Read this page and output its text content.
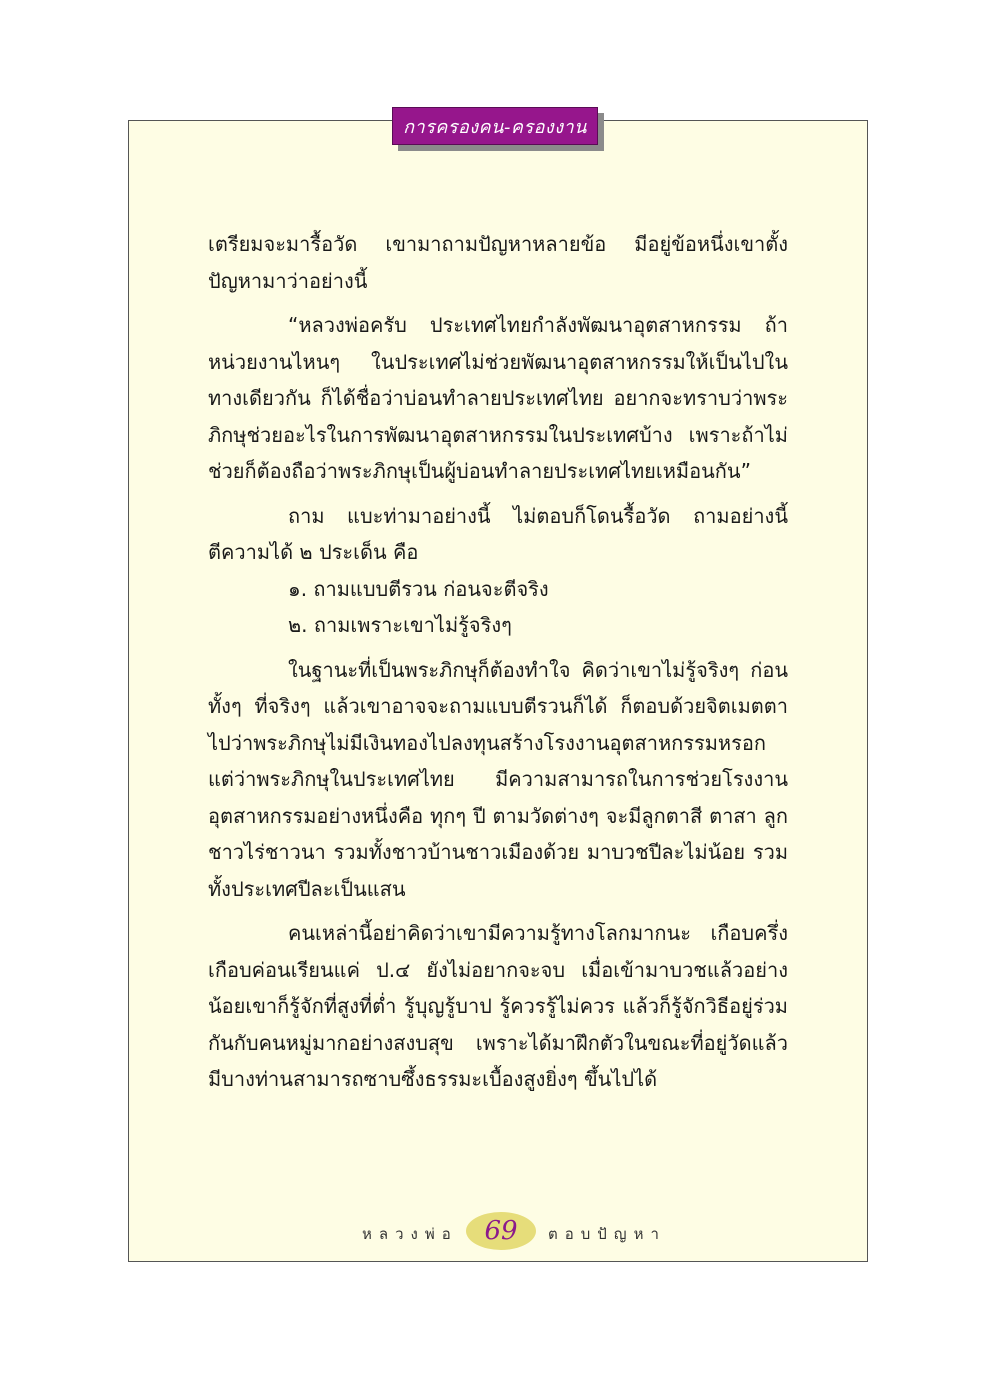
การครองคน-ครองงาน

เตรียมจะมารื้อวัด เขามาถามปัญหาหลายข้อ มีอยู่ข้อหนึ่งเขาตั้งปัญหามาว่าอย่างนี้

“หลวงพ่อครับ ประเทศไทยกำลังพัฒนาอุตสาหกรรม ถ้าหน่วยงานไหนๆ ในประเทศไม่ช่วยพัฒนาอุตสาหกรรมให้เป็นไปในทางเดียวกัน ก็ได้ชื่อว่าบ่อนทำลายประเทศไทย อยากจะทราบว่าพระภิกษุช่วยอะไรในการพัฒนาอุตสาหกรรมในประเทศบ้าง เพราะถ้าไม่ช่วยก็ต้องถือว่าพระภิกษุเป็นผู้บ่อนทำลายประเทศไทยเหมือนกัน”

ถาม แบะท่ามาอย่างนี้ ไม่ตอบก็โดนรื้อวัด ถามอย่างนี้ตีความได้ ๒ ประเด็น คือ

๑. ถามแบบตีรวน ก่อนจะตีจริง

๒. ถามเพราะเขาไม่รู้จริงๆ

ในฐานะที่เป็นพระภิกษุก็ต้องทำใจ คิดว่าเขาไม่รู้จริงๆ ก่อน ทั้งๆ ที่จริงๆ แล้วเขาอาจจะถามแบบตีรวนก็ได้ ก็ตอบด้วยจิตเมตตาไปว่าพระภิกษุไม่มีเงินทองไปลงทุนสร้างโรงงานอุตสาหกรรมหรอก แต่ว่าพระภิกษุในประเทศไทย มีความสามารถในการช่วยโรงงานอุตสาหกรรมอย่างหนึ่งคือ ทุกๆ ปี ตามวัดต่างๆ จะมีลูกตาสี ตาสา ลูกชาวไร่ชาวนา รวมทั้งชาวบ้านชาวเมืองด้วย มาบวชปีละไม่น้อย รวมทั้งประเทศปีละเป็นแสน

คนเหล่านี้อย่าคิดว่าเขามีความรู้ทางโลกมากนะ เกือบครึ่งเกือบค่อนเรียนแค่ ป.๔ ยังไม่อยากจะจบ เมื่อเข้ามาบวชแล้วอย่างน้อยเขาก็รู้จักที่สูงที่ต่ำ รู้บุญรู้บาป รู้ควรรู้ไม่ควร แล้วก็รู้จักวิธีอยู่ร่วมกันกับคนหมู่มากอย่างสงบสุข เพราะได้มาฝึกตัวในขณะที่อยู่วัดแล้ว มีบางท่านสามารถซาบซึ้งธรรมะเบื้องสูงยิ่งๆ ขึ้นไปได้

หลวงพ่อ	69	ตอบปัญหา
